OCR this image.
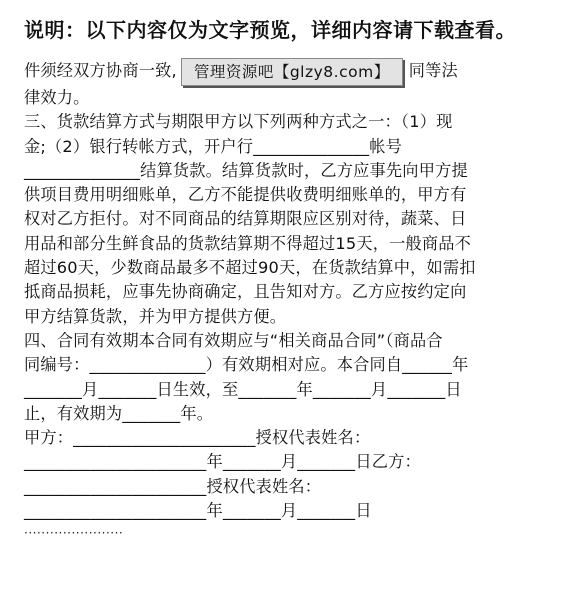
说明：以下内容仅为文字预览，详细内容请下载查看。
件须经双方协商一致, 管理资源吧【glzy8.com】 同等法
律效力。
三、货款结算方式与期限甲方以下列两种方式之一：（1）现
金;（2）银行转帐方式，开户行______________帐号
______________结算货款。结算货款时，乙方应事先向甲方提
供项目费用明细账单，乙方不能提供收费明细账单的，甲方有
权对乙方拒付。对不同商品的结算期限应区别对待，蔬菜、日
用品和部分生鲜食品的货款结算期不得超过15天，一般商品不
超过60天，少数商品最多不超过90天，在货款结算中，如需扣
抵商品损耗，应事先协商确定，且告知对方。乙方应按约定向
甲方结算货款，并为甲方提供方便。
四、合同有效期本合同有效期应与“相关商品合同”（商品合
同编号：______________）有效期相对应。本合同自______年
_______月_______日生效，至_______年_______月_______日
止，有效期为_______年。
甲方：______________________授权代表姓名：
______________________年_______月_______日乙方：
______________________授权代表姓名：
______________________年_______月_______日
·······················
